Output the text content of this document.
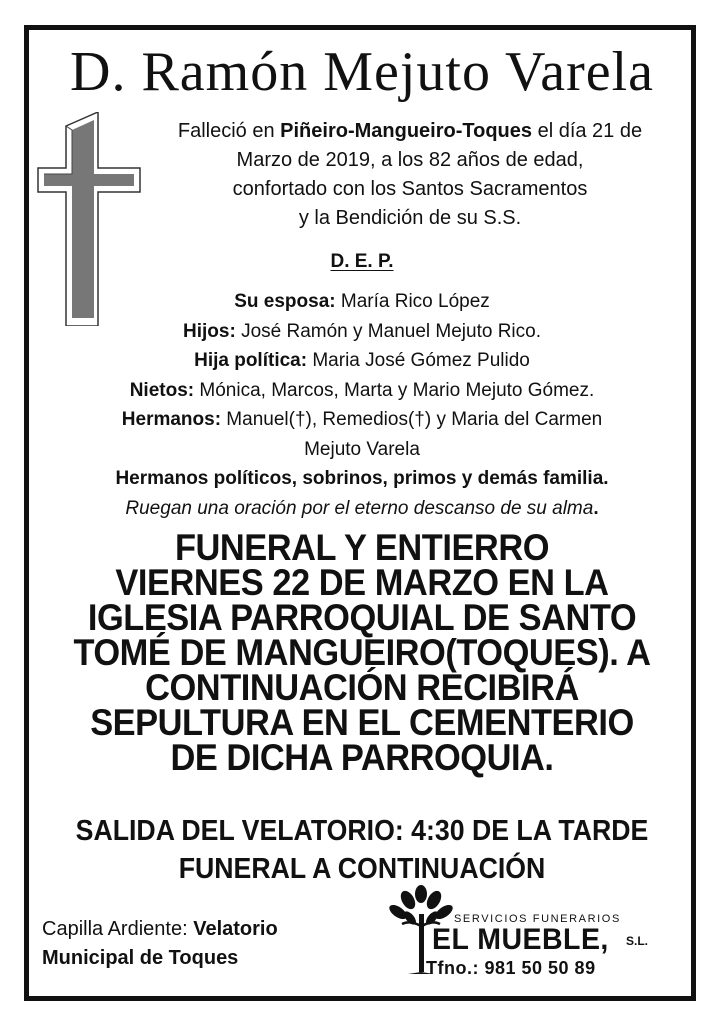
D. Ramón Mejuto Varela
Falleció en Piñeiro-Mangueiro-Toques el día 21 de
Marzo de 2019, a los 82 años de edad,
confortado con los Santos Sacramentos
y la Bendición de su S.S.
D. E. P.
Su esposa: María Rico López
Hijos: José Ramón y Manuel Mejuto Rico.
Hija política: Maria José Gómez Pulido
Nietos: Mónica, Marcos, Marta y Mario Mejuto Gómez.
Hermanos: Manuel(†), Remedios(†) y Maria del Carmen
Mejuto Varela
Hermanos políticos, sobrinos, primos y demás familia.
Ruegan una oración por el eterno descanso de su alma.
FUNERAL Y ENTIERRO
VIERNES 22 DE MARZO EN LA
IGLESIA PARROQUIAL DE SANTO
TOMÉ DE MANGUEIRO(TOQUES). A
CONTINUACIÓN RECIBIRÁ
SEPULTURA EN EL CEMENTERIO
DE DICHA PARROQUIA.
SALIDA DEL VELATORIO: 4:30 DE LA TARDE
FUNERAL A CONTINUACIÓN
Capilla Ardiente: Velatorio
Municipal de Toques
SERVICIOS FUNERARIOS
EL MUEBLE, S.L.
Tfno.: 981 50 50 89
